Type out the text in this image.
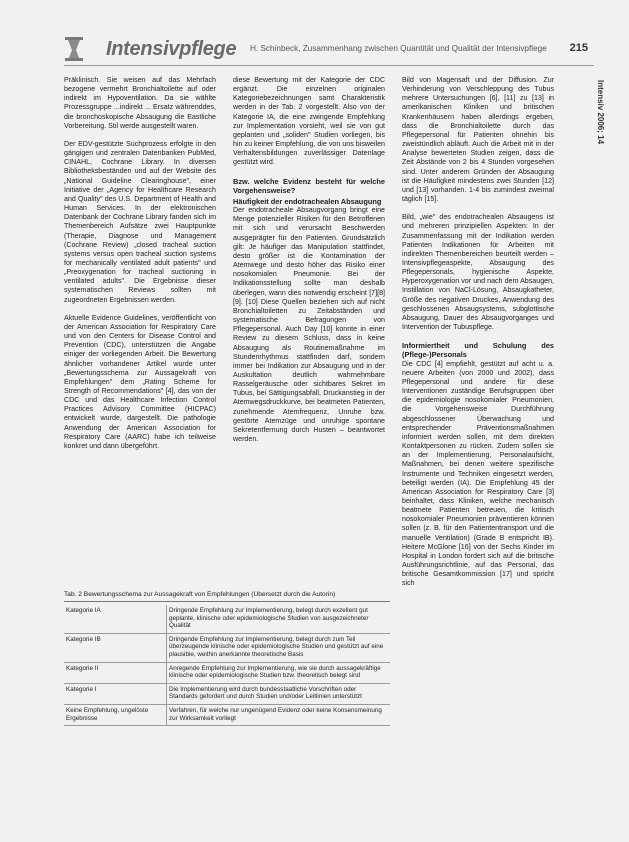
Intensivpflege H. Schinbeck, Zusammenhang zwischen Quantität und Qualität der Intensivpflege 215
Intensiv 2006; 14

Präklinisch. Sie weisen auf das Mehrfach bezogene vermehrt Bronchialtoilette auf oder indirekt im Hypoventilation. Da sie wählte Prozessgruppe ...indirekt ... Ersatz währenddes, die bronchoskopische Absaugung die Eastliche Vorbereitung. Stil werde ausgestellt waren.

Der EDV-gestützte Suchprozess erfolgte in den gängigen und zentralen Datenbanken PubMed, CINAHL, Cochrane Library. In diversen Bibliotheksbeständen und auf der Website des „National Guideline Clearinghouse", einer Initiative der „Agency for Healthcare Research and Quality" des U.S. Department of Health and Human Services. In der elektronischen Datenbank der Cochrane Library fanden sich im Themenbereich Aufsätze zwei Hauptpunkte (Therapie, Diagnose und Management (Cochrane Review) „closed tracheal suction systems versus open tracheal suction systems for mechanically ventilated adult patients" und „Preoxygenation for tracheal suctioning in ventilated adults". Die Ergebnisse dieser systematischen Reviews sollten mit zugeordneten Ergebnissen werden.

Aktuelle Evidence Guidelines, veröffentlicht von der American Association for Respiratory Care und von den Centers for Disease Control and Prevention (CDC), unterstützen die Angabe einiger der vorliegenden Arbeit. Die Bewertung ähnlicher vorhandener Artikel wurde unter „Bewertungsschema zur Aussagekraft von Empfehlungen" dem „Rating Scheme for Strength of Recommendations" [4], das von der CDC und das Healthcare Infection Control Practices Advisory Committee (HICPAC) entwickelt wurde, dargestellt. Die pathologie Anwendung der American Association for Respiratory Care (AARC) habe ich teilweise konkret und dann übergeführt.

diese Bewertung mit der Kategorie der CDC ergänzt. Die einzelnen originalen Kategoriebezeichnungen samt Charakteristik werden in der Tab. 2 vorgestellt. Also von der Kategorie IA, die eine zwingende Empfehlung zur Implementation vorsieht, weil sie von gut geplanten und „soliden" Studien vorliegen, bis hin zu keiner Empfehlung, die von uns bisweilen Verhaltensbildungen zuverlässiger Datenlage gestützt wird.

Bzw. welche Evidenz besteht für welche Vorgehensweise?
Häufigkeit der endotrachealen Absaugung

Der endotracheale Absaugvorgang bringt eine Menge potenzieller Risiken für den Betroffenen mit sich und verursacht Beschwerden ausgeprägter für den Patienten. Grundsätzlich gilt: Je häufiger das Manipulation stattfindet, desto größer ist die Kontamination der Atemwege und desto höher das Risiko einer nosokomialen Pneumonie. Bei der Indikationsstellung sollte man deshalb überlegen, wann dies notwendig erscheint [7][8][9]. [10] Diese Quellen beziehen sich auf nicht Bronchialtoiletten zu Zeitabständen und systematische Befragungen von Pflegepersonal. Auch Day [10] konnte in einer Review zu diesem Schluss, dass in keine Absaugung als Routinemaßnahme im Stundenrhythmus stattfinden darf, sondern immer bei Indikation zur Absaugung und in der Auskultation deutlich wahrnehmbare Rasselgeräusche oder sichtbares Sekret im Tubus, bei Sättigungsabfall, Druckanstieg in der Atemwegsdruckkurve, bei beatmeten Patienten, zunehmende Atemfrequenz, Unruhe bzw. gestörte Atemzüge und unruhige spontane Sekretentfernung durch Husten – beantwortet werden.

Bild von Magensaft und der Diffusion. Zur Verhinderung von Verschleppung des Tubus mehrere Untersuchungen [6], [11] zu [13] in amerikanischen Kliniken und britischen Krankenhäusern haben allerdings ergeben, dass die Bronchialtoilette durch das Pflegepersonal für Patienten ohnehin bis zweistündlich abläuft. Auch die Arbeit mit in der Analyse bewerteten Studien zeigen, dass die Zeit Abstände von 2 bis 4 Stunden vorgesehen sind. Unter anderem Gründen der Absaugung ist die Häufigkeit mindestens zwei Stunden [12] und [13] vorhanden. 1-4 bis zumindest zweimal täglich [15].

Bild, „wie" des endotrachealen Absaugens ist und mehreren prinzipiellen Aspekten: In der Zusammenfassung mit der Indikation werden Patienten Indikationen für Arbeiten mit indirekten Themenbereichen beurteilt werden – Intensivpflegeaspekte, Absaugung des Pflegepersonals, hygienische Aspekte, Hyperoxygenation vor und nach dem Absaugen, Instillation von NaCl-Lösung, Absaugkatheter, Größe des negativen Druckes, Anwendung des geschlossenen Absaugsystems, subglottische Absaugung, Dauer des Absaugvorganges und Intervention der Tubuspflege.

Informiertheit und Schulung des (Pflege-)Personals

Die CDC [4] empfiehlt, gestützt auf acht u. a. neuere Arbeiten (von 2000 und 2002), dass Pflegepersonal und andere für diese Interventionen zuständige Berufsgruppen über die epidemiologie nosokomialer Pneumonien, die Vorgehensweise Durchführung abgeschlossener Überwachung und entsprechender Präventionsmaßnahmen informiert werden sollen, mit dem direkten Kontaktpersonen zu rücken. Zudem sollen sie an der Implementierung, Personalaufsicht, Maßnahmen, bei denen weitere spezifische Instrumente und Techniken eingesetzt werden, beteiligt werden (IA). Die Empfehlung 45 der American Association for Respiratory Care [3] beinhaltet, dass Kliniken, welche mechanisch beatmete Patienten betreuen, die kritisch nosokomialer Pneumonien präventieren können sollen (z. B. für den Patiententransport und die manuelle Ventilation) (Grade B entspricht IB). Heitere McGlone [16] von der Sechs Kinder im Hospital in London fordert sich auf die britische Ausführungsrichtlinie, auf das Personal, das britische Gesamtkommission [17] und spricht sich

Tab. 2 Bewertungsschema zur Aussagekraft von Empfehlungen (Übersetzt durch die Autorin)
Kategorie IA	Dringende Empfehlung zur Implementierung, belegt durch exzellent gut geplante, klinische oder epidemiologische Studien von ausgezeichneter Qualität
Kategorie IB	Dringende Empfehlung zur Implementierung, belegt durch zum Teil überzeugende klinische oder epidemiologische Studien und gestützt auf eine plausible, weithin anerkannte theoretische Basis
Kategorie II	Anregende Empfehlung zur Implementierung, wie sie durch aussagekräftige klinische oder epidemiologische Studien bzw. theoretisch belegt sind
Kategorie I	Die Implementierung wird durch bundesstaatliche Vorschriften oder Standards gefordert und durch Studien und/oder Leitlinien unterstützt
Keine Empfehlung, ungelöste Ergebnisse	Verfahren, für welche nur ungenügend Evidenz oder keine Konsensmeinung zur Wirksamkeit vorliegt
